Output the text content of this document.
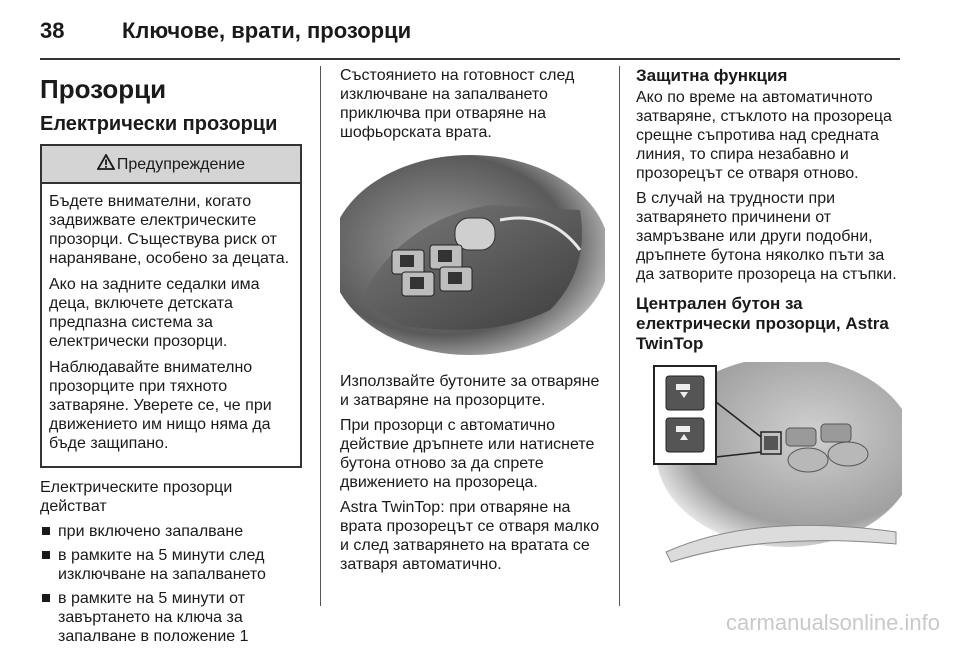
38	Ключове, врати, прозорци
Прозорци
Електрически прозорци
Предупреждение

Бъдете внимателни, когато задвижвате електрическите прозорци. Съществува риск от нараняване, особено за децата.

Ако на задните седалки има деца, включете детската предпазна система за електрически прозорци.

Наблюдавайте внимателно прозорците при тяхното затваряне. Уверете се, че при движението им нищо няма да бъде защипано.

Електрическите прозорци действат

при включено запалване
в рамките на 5 минути след изключване на запалването
в рамките на 5 минути от завъртането на ключа за запалване в положение 1

Състоянието на готовност след изключване на запалването приключва при отваряне на шофьорската врата.

Използвайте бутоните за отваряне и затваряне на прозорците.

При прозорци с автоматично действие дръпнете или натиснете бутона отново за да спрете движението на прозореца.

Astra TwinTop: при отваряне на врата прозорецът се отваря малко и след затварянето на вратата се затваря автоматично.

Защитна функция

Ако по време на автоматичното затваряне, стъклото на прозореца срещне съпротива над средната линия, то спира незабавно и прозорецът се отваря отново.

В случай на трудности при затварянето причинени от замръзване или други подобни, дръпнете бутона няколко пъти за да затворите прозореца на стъпки.

Централен бутон за електрически прозорци, Astra TwinTop
carmanualsonline.info
